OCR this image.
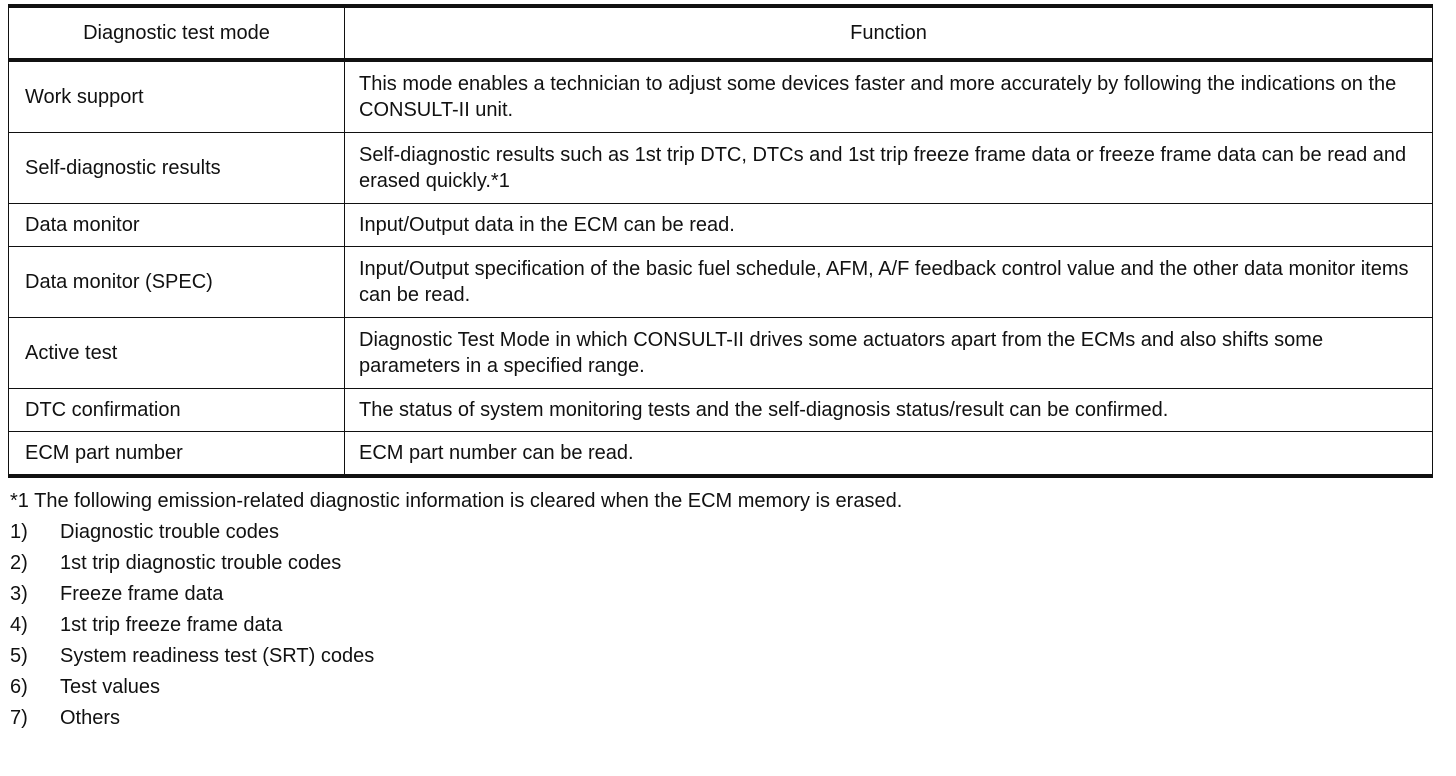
Diagnostic test mode	Function
Work support	This mode enables a technician to adjust some devices faster and more accurately by following the indications on the CONSULT-II unit.
Self-diagnostic results	Self-diagnostic results such as 1st trip DTC, DTCs and 1st trip freeze frame data or freeze frame data can be read and erased quickly.*1
Data monitor	Input/Output data in the ECM can be read.
Data monitor (SPEC)	Input/Output specification of the basic fuel schedule, AFM, A/F feedback control value and the other data monitor items can be read.
Active test	Diagnostic Test Mode in which CONSULT-II drives some actuators apart from the ECMs and also shifts some parameters in a specified range.
DTC confirmation	The status of system monitoring tests and the self-diagnosis status/result can be confirmed.
ECM part number	ECM part number can be read.
*1 The following emission-related diagnostic information is cleared when the ECM memory is erased.
1)	Diagnostic trouble codes
2)	1st trip diagnostic trouble codes
3)	Freeze frame data
4)	1st trip freeze frame data
5)	System readiness test (SRT) codes
6)	Test values
7)	Others
